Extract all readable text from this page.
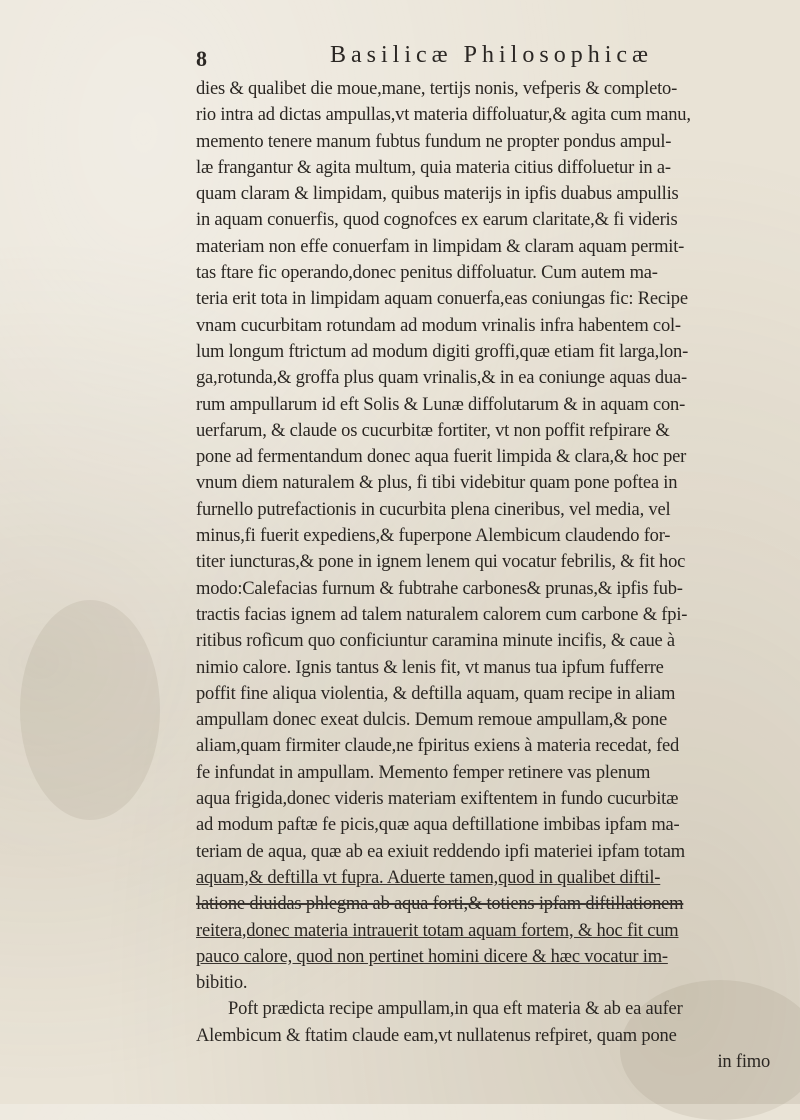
8	Basilicæ Philosophicæ
dies & qualibet die moue,mane, tertijs nonis, vefperis & completo-
rio intra ad dictas ampullas,vt materia diffoluatur,& agita cum manu,
memento tenere manum fubtus fundum ne propter pondus ampul-
læ frangantur & agita multum, quia materia citius diffoluetur in a-
quam claram & limpidam, quibus materijs in ipfis duabus ampullis
in aquam conuerfis, quod cognofces ex earum claritate,& fi videris
materiam non effe conuerfam in limpidam & claram aquam permit-
tas ftare fic operando,donec penitus diffoluatur. Cum autem ma-
teria erit tota in limpidam aquam conuerfa,eas coniungas fic: Recipe
vnam cucurbitam rotundam ad modum vrinalis infra habentem col-
lum longum ftrictum ad modum digiti groffi,quæ etiam fit larga,lon-
ga,rotunda,& groffa plus quam vrinalis,& in ea coniunge aquas dua-
rum ampullarum id eft Solis & Lunæ diffolutarum & in aquam con-
uerfarum, & claude os cucurbitæ fortiter, vt non poffit refpirare &
pone ad fermentandum donec aqua fuerit limpida & clara,& hoc per
vnum diem naturalem & plus, fi tibi videbitur quam pone poftea in
furnello putrefactionis in cucurbita plena cineribus, vel media, vel
minus,fi fuerit expediens,& fuperpone Alembicum claudendo for-
titer iuncturas,& pone in ignem lenem qui vocatur febrilis, & fit hoc
modo:Calefacias furnum & fubtrahe carbones& prunas,& ipfis fub-
tractis facias ignem ad talem naturalem calorem cum carbone & fpi-
ritibus rofìcum quo conficiuntur caramina minute incifis, & caue à
nimio calore. Ignis tantus & lenis fit, vt manus tua ipfum fufferre
poffit fine aliqua violentia, & deftilla aquam, quam recipe in aliam
ampullam donec exeat dulcis. Demum remoue ampullam,& pone
aliam,quam firmiter claude,ne fpiritus exiens à materia recedat, fed
fe infundat in ampullam. Memento femper retinere vas plenum
aqua frigida,donec videris materiam exiftentem in fundo cucurbitæ
ad modum paftæ fe picis,quæ aqua deftillatione imbibas ipfam ma-
teriam de aqua, quæ ab ea exiuit reddendo ipfi materiei ipfam totam
aquam,& deftilla vt fupra. Aduerte tamen,quod in qualibet diftil-
latione diuidas phlegma ab aqua forti,& totiens ipfam diftillationem
reitera,donec materia intrauerit totam aquam fortem, & hoc fit cum
pauco calore, quod non pertinet homini dicere & hæc vocatur im-
bibitio.
Poft prædicta recipe ampullam,in qua eft materia & ab ea aufer
Alembicum & ftatim claude eam,vt nullatenus refpiret, quam pone
in fimo
